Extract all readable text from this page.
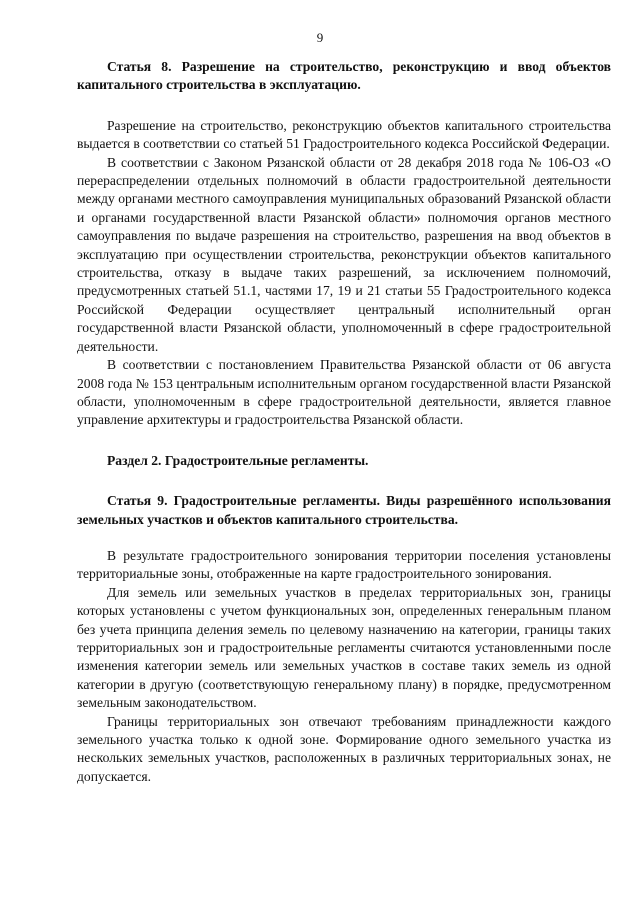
9

Статья 8. Разрешение на строительство, реконструкцию и ввод объектов капитального строительства в эксплуатацию.

Разрешение на строительство, реконструкцию объектов капитального строительства выдается в соответствии со статьей 51 Градостроительного кодекса Российской Федерации.

В соответствии с Законом Рязанской области от 28 декабря 2018 года № 106-ОЗ «О перераспределении отдельных полномочий в области градостроительной деятельности между органами местного самоуправления муниципальных образований Рязанской области и органами государственной власти Рязанской области» полномочия органов местного самоуправления по выдаче разрешения на строительство, разрешения на ввод объектов в эксплуатацию при осуществлении строительства, реконструкции объектов капитального строительства, отказу в выдаче таких разрешений, за исключением полномочий, предусмотренных статьей 51.1, частями 17, 19 и 21 статьи 55 Градостроительного кодекса Российской Федерации осуществляет центральный исполнительный орган государственной власти Рязанской области, уполномоченный в сфере градостроительной деятельности.

В соответствии с постановлением Правительства Рязанской области от 06 августа 2008 года № 153 центральным исполнительным органом государственной власти Рязанской области, уполномоченным в сфере градостроительной деятельности, является главное управление архитектуры и градостроительства Рязанской области.

Раздел 2. Градостроительные регламенты.

Статья 9. Градостроительные регламенты. Виды разрешённого использования земельных участков и объектов капитального строительства.

В результате градостроительного зонирования территории поселения установлены территориальные зоны, отображенные на карте градостроительного зонирования.

Для земель или земельных участков в пределах территориальных зон, границы которых установлены с учетом функциональных зон, определенных генеральным планом без учета принципа деления земель по целевому назначению на категории, границы таких территориальных зон и градостроительные регламенты считаются установленными после изменения категории земель или земельных участков в составе таких земель из одной категории в другую (соответствующую генеральному плану) в порядке, предусмотренном земельным законодательством.

Границы территориальных зон отвечают требованиям принадлежности каждого земельного участка только к одной зоне. Формирование одного земельного участка из нескольких земельных участков, расположенных в различных территориальных зонах, не допускается.
